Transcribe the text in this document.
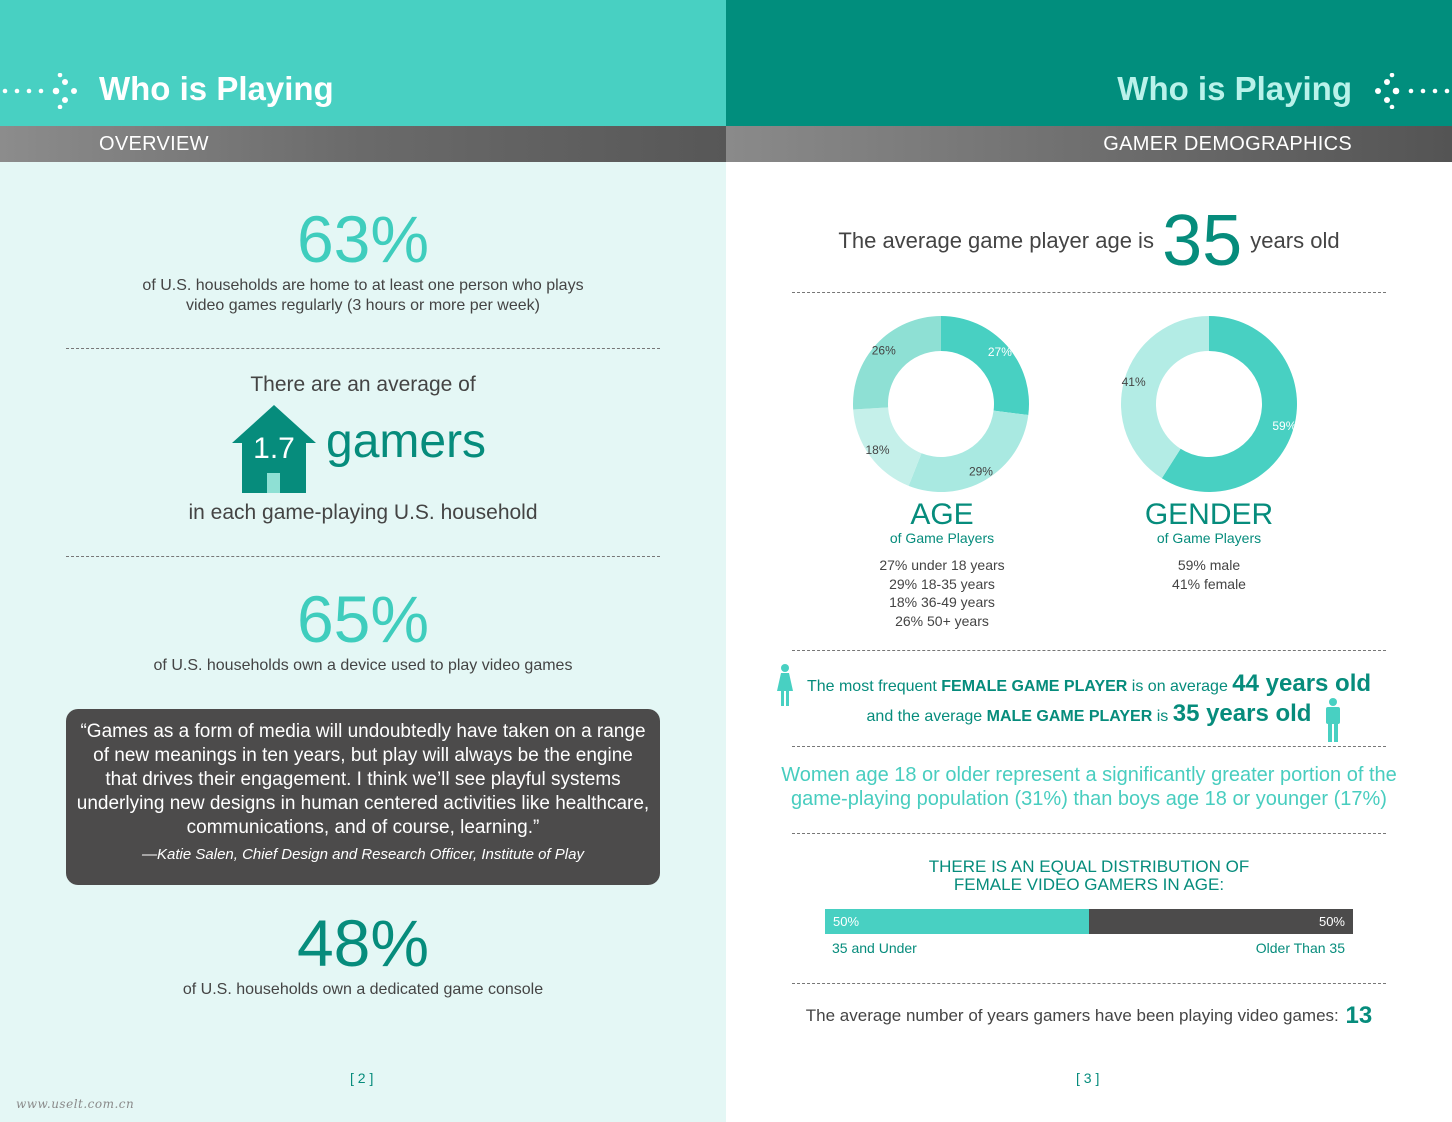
Who is Playing
OVERVIEW
63%
of U.S. households are home to at least one person who plays
video games regularly (3 hours or more per week)
There are an average of
1.7 gamers
in each game-playing U.S. household
65%
of U.S. households own a device used to play video games
“Games as a form of media will undoubtedly have taken on a range
of new meanings in ten years, but play will always be the engine
that drives their engagement. I think we’ll see playful systems
underlying new designs in human centered activities like healthcare,
communications, and of course, learning.”
—Katie Salen, Chief Design and Research Officer, Institute of Play
48%
of U.S. households own a dedicated game console
[ 2 ]
www.uselt.com.cn
Who is Playing
GAMER DEMOGRAPHICS
The average game player age is 35 years old
27%
29%
18%
26%
AGE
of Game Players
27% under 18 years
29% 18-35 years
18% 36-49 years
26% 50+ years
59%
41%
GENDER
of Game Players
59% male
41% female
The most frequent FEMALE GAME PLAYER is on average 44 years old
and the average MALE GAME PLAYER is 35 years old
Women age 18 or older represent a significantly greater portion of the
game-playing population (31%) than boys age 18 or younger (17%)
THERE IS AN EQUAL DISTRIBUTION OF
FEMALE VIDEO GAMERS IN AGE:
50%	50%
35 and Under	Older Than 35
The average number of years gamers have been playing video games: 13
[ 3 ]
